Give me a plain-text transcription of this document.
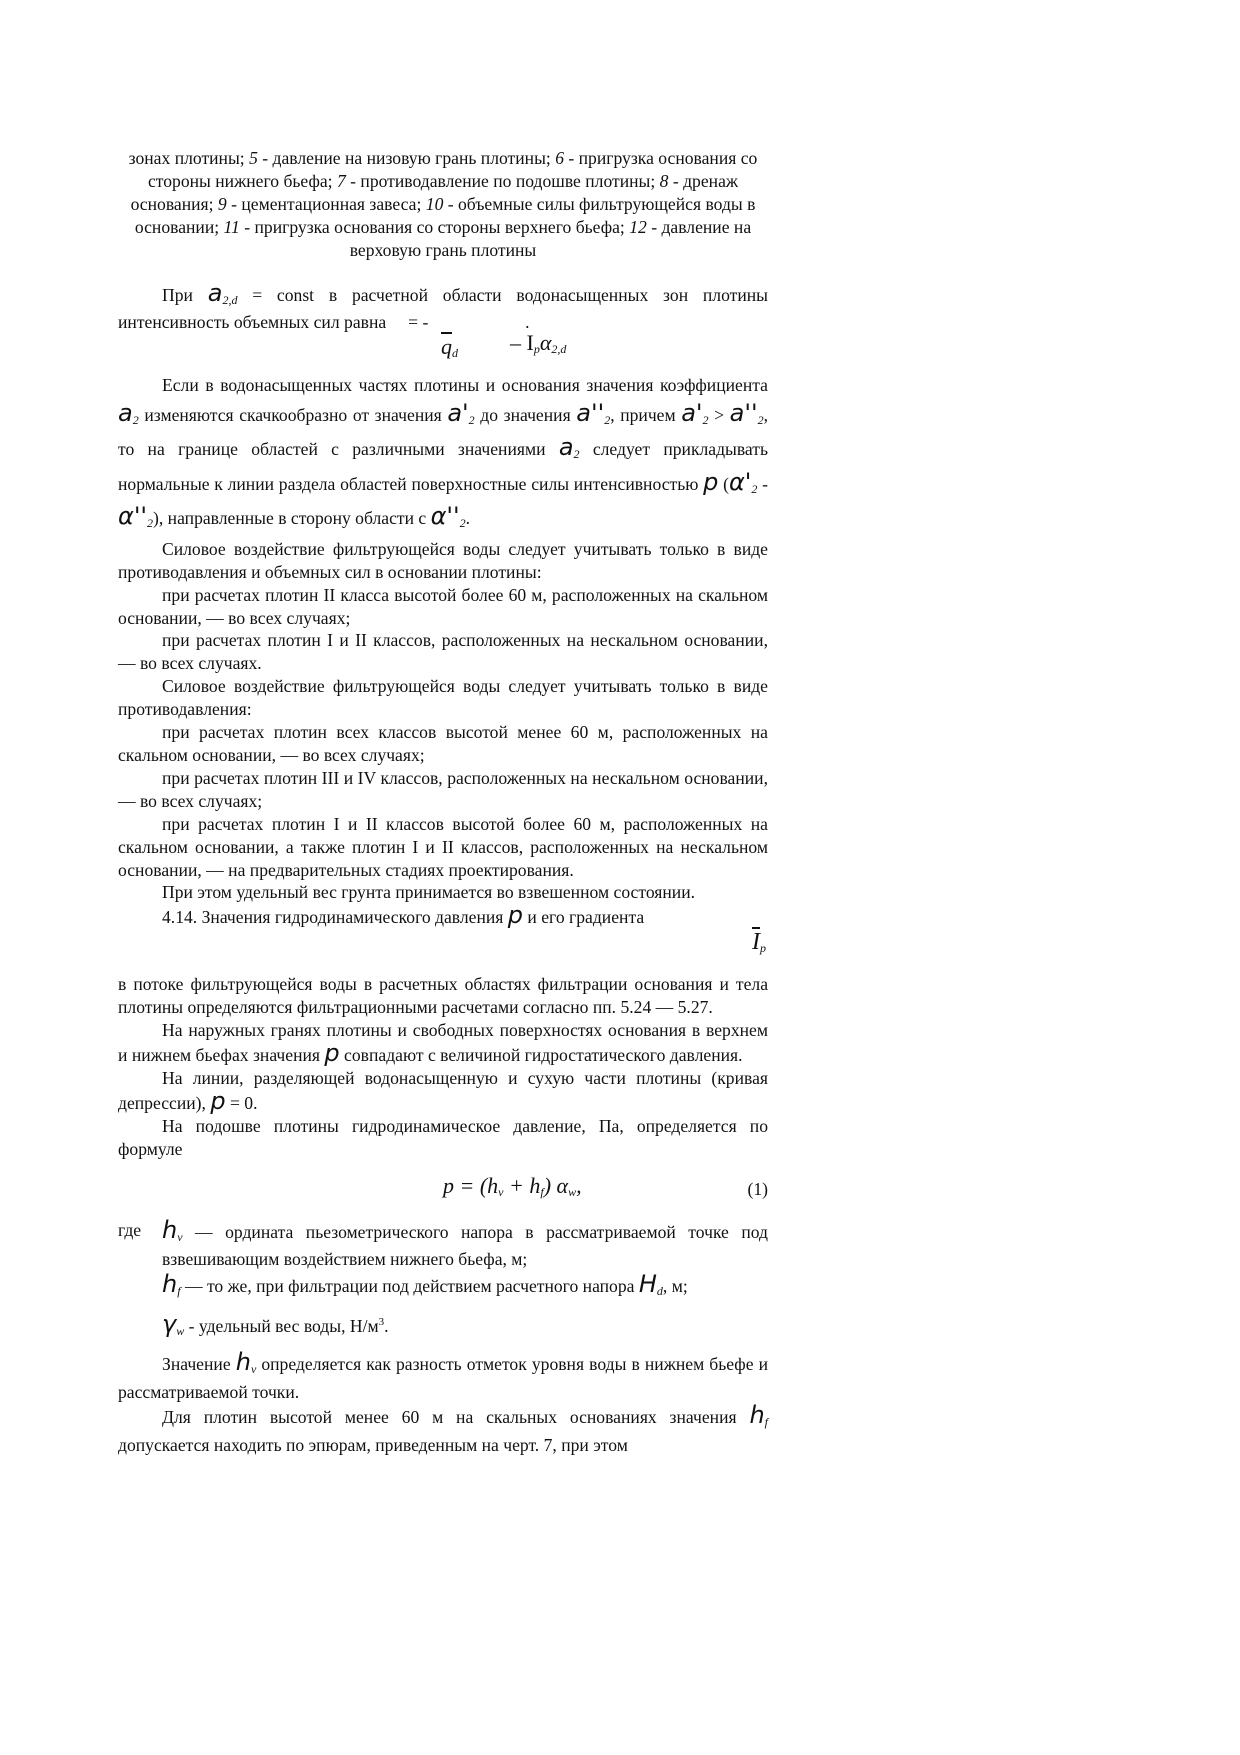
зонах плотины; 5 - давление на низовую грань плотины; 6 - пригрузка основания со стороны нижнего бьефа; 7 - противодавление по подошве плотины; 8 - дренаж основания; 9 - цементационная завеса; 10 - объемные силы фильтрующейся воды в основании; 11 - пригрузка основания со стороны верхнего бьефа; 12 - давление на верховую грань плотины

При $a_{2,d}$ = const в расчетной области водонасыщенных зон плотины интенсивность объемных сил равна = -	.

$\overline{q}_d - I_p\alpha_{2,d}$

Если в водонасыщенных частях плотины и основания значения коэффициента $a_2$ изменяются скачкообразно от значения $a'_2$ до значения $a''_2$, причем $a'_2 > a''_2$, то на границе областей с различными значениями $a_2$ следует прикладывать нормальные к линии раздела областей поверхностные силы интенсивностью p $(\alpha'_2 - \alpha''_2)$, направленные в сторону области с $\alpha''_2$.

Силовое воздействие фильтрующейся воды следует учитывать только в виде противодавления и объемных сил в основании плотины:

при расчетах плотин II класса высотой более 60 м, расположенных на скальном основании, — во всех случаях;

при расчетах плотин I и II классов, расположенных на нескальном основании, — во всех случаях.

Силовое воздействие фильтрующейся воды следует учитывать только в виде противодавления:

при расчетах плотин всех классов высотой менее 60 м, расположенных на скальном основании, — во всех случаях;

при расчетах плотин III и IV классов, расположенных на нескальном основании, — во всех случаях;

при расчетах плотин I и II классов высотой более 60 м, расположенных на скальном основании, а также плотин I и II классов, расположенных на нескальном основании, — на предварительных стадиях проектирования.

При этом удельный вес грунта принимается во взвешенном состоянии.

4.14. Значения гидродинамического давления p и его градиента

$\overline{I}_p$

в потоке фильтрующейся воды в расчетных областях фильтрации основания и тела плотины определяются фильтрационными расчетами согласно пп. 5.24 — 5.27.

На наружных гранях плотины и свободных поверхностях основания в верхнем и нижнем бьефах значения p совпадают с величиной гидростатического давления.

На линии, разделяющей водонасыщенную и сухую части плотины (кривая депрессии), p = 0.

На подошве плотины гидродинамическое давление, Па, определяется по формуле

$p = (h_v + h_f)$ $\alpha_w$,	(1)
где $h_v$ — ордината пьезометрического напора в рассматриваемой точке под взвешивающим воздействием нижнего бьефа, м;
$h_f$ — то же, при фильтрации под действием расчетного напора $H_d$, м;
$\gamma_w$ - удельный вес воды, $Н/м^3$.

Значение $h_v$ определяется как разность отметок уровня воды в нижнем бьефе и рассматриваемой точки.

Для плотин высотой менее 60 м на скальных основаниях значения $h_f$ допускается находить по эпюрам, приведенным на черт. 7, при этом
